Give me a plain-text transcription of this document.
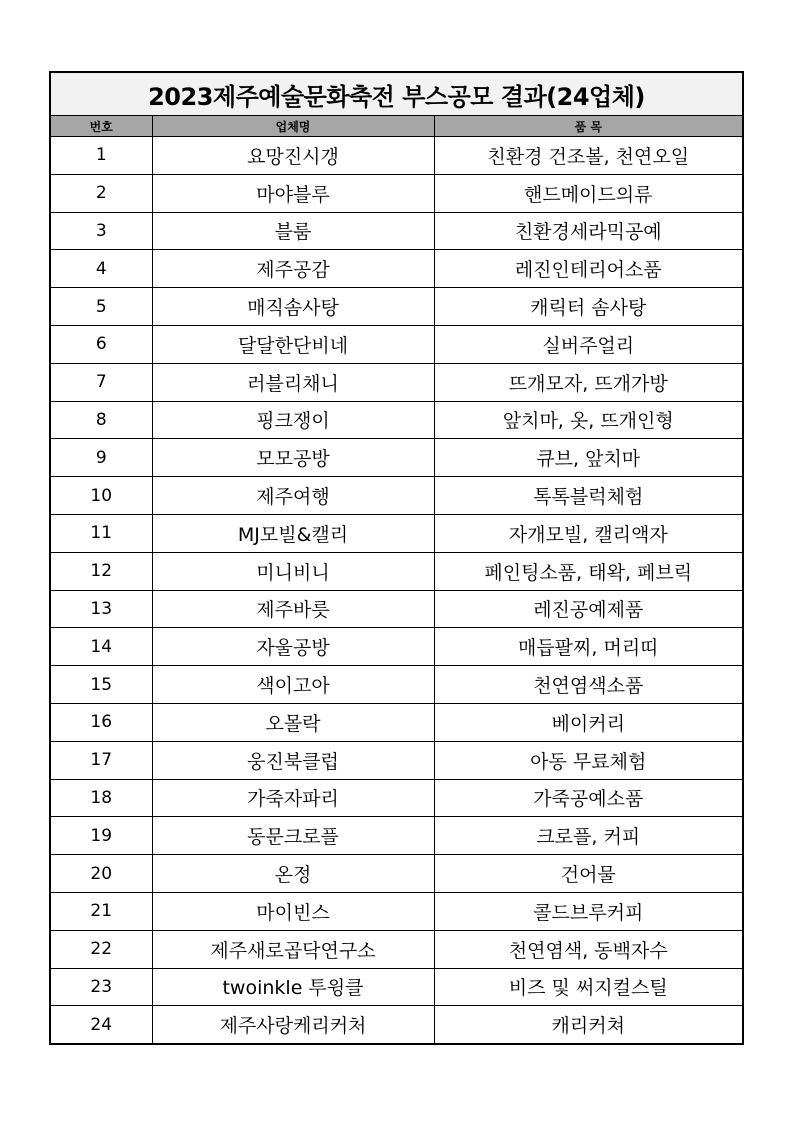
2023제주예술문화축전 부스공모 결과(24업체)		
번호	업체명	품 목
1	요망진시갱	친환경 건조볼, 천연오일
2	마야블루	핸드메이드의류
3	블룸	친환경세라믹공예
4	제주공감	레진인테리어소품
5	매직솜사탕	캐릭터 솜사탕
6	달달한단비네	실버주얼리
7	러블리채니	뜨개모자, 뜨개가방
8	핑크쟁이	앞치마, 옷, 뜨개인형
9	모모공방	큐브, 앞치마
10	제주여행	톡톡블럭체험
11	MJ모빌&캘리	자개모빌, 캘리액자
12	미니비니	페인팅소품, 태왁, 페브릭
13	제주바릇	레진공예제품
14	자울공방	매듭팔찌, 머리띠
15	색이고아	천연염색소품
16	오몰락	베이커리
17	웅진북클럽	아동 무료체험
18	가죽자파리	가죽공예소품
19	동문크로플	크로플, 커피
20	온정	건어물
21	마이빈스	콜드브루커피
22	제주새로곱닥연구소	천연염색, 동백자수
23	twoinkle 투윙클	비즈 및 써지컬스틸
24	제주사랑케리커처	캐리커쳐
